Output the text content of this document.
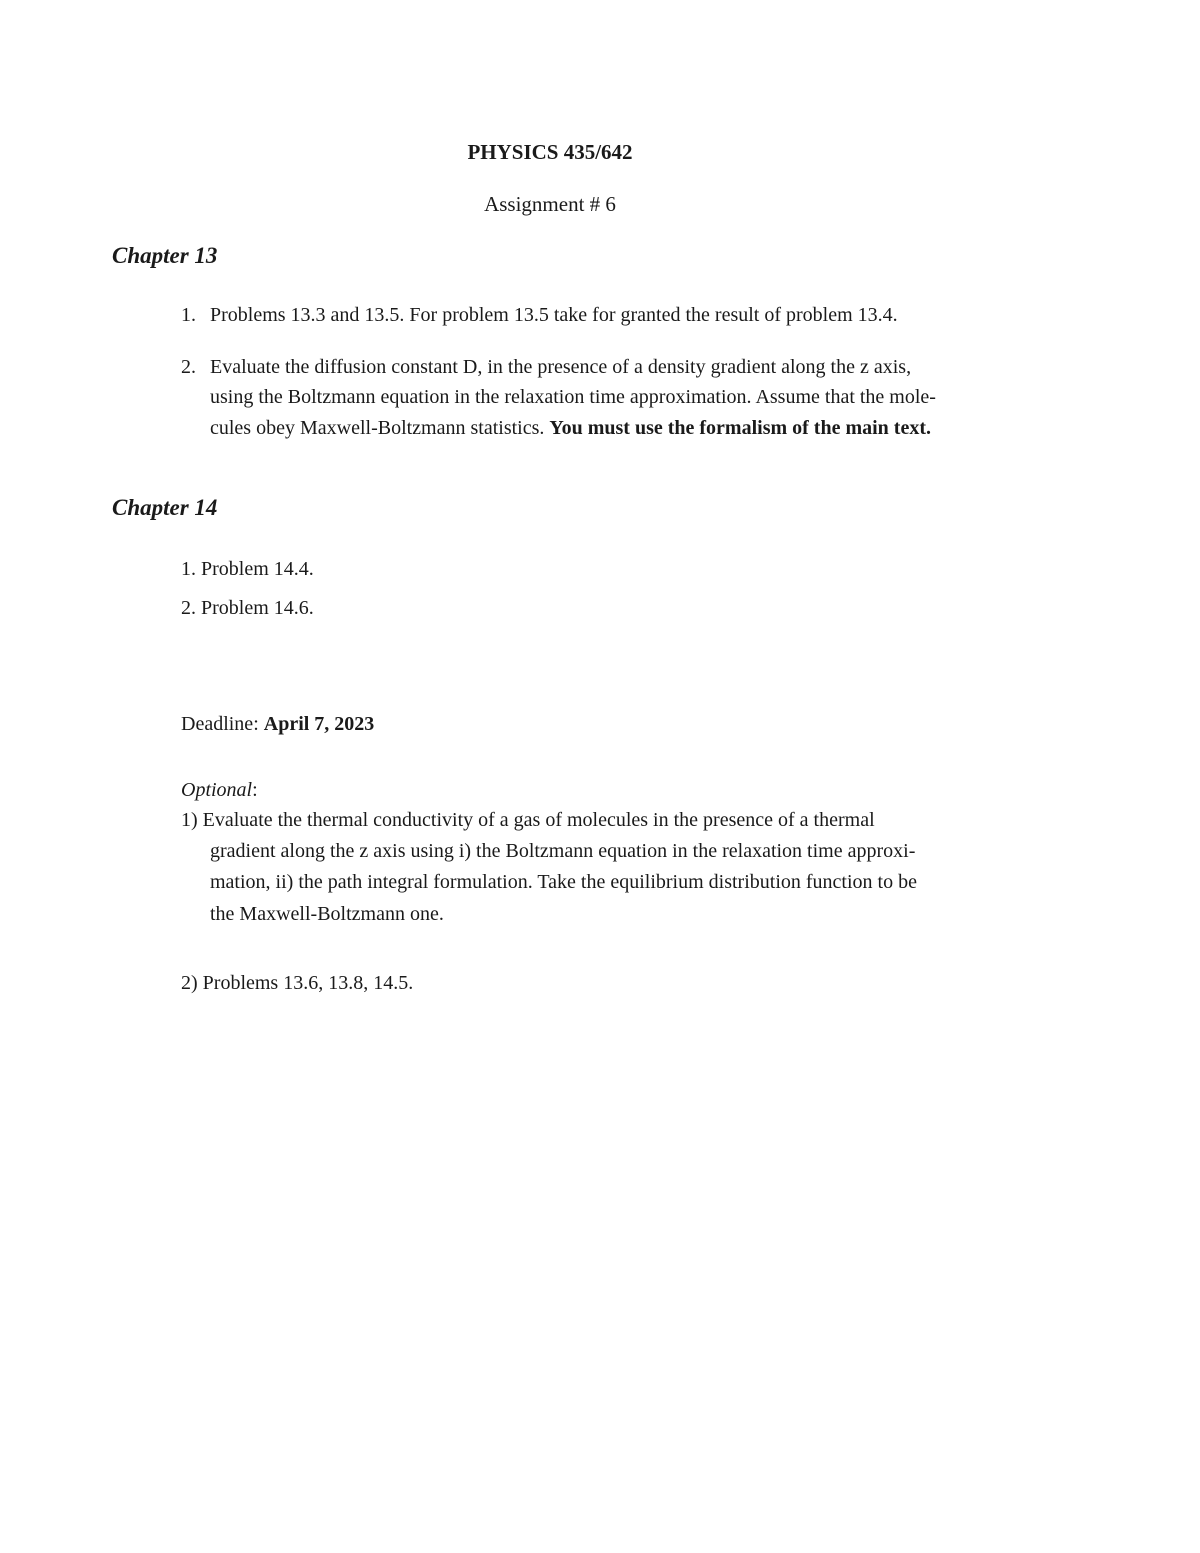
PHYSICS 435/642
Assignment # 6
Chapter 13
1. Problems 13.3 and 13.5. For problem 13.5 take for granted the result of problem 13.4.
2. Evaluate the diffusion constant D, in the presence of a density gradient along the z axis,
using the Boltzmann equation in the relaxation time approximation. Assume that the mole-
cules obey Maxwell-Boltzmann statistics. You must use the formalism of the main text.
Chapter 14
1. Problem 14.4.
2. Problem 14.6.
Deadline: April 7, 2023
Optional:
1) Evaluate the thermal conductivity of a gas of molecules in the presence of a thermal
gradient along the z axis using i) the Boltzmann equation in the relaxation time approxi-
mation, ii) the path integral formulation. Take the equilibrium distribution function to be
the Maxwell-Boltzmann one.
2) Problems 13.6, 13.8, 14.5.
